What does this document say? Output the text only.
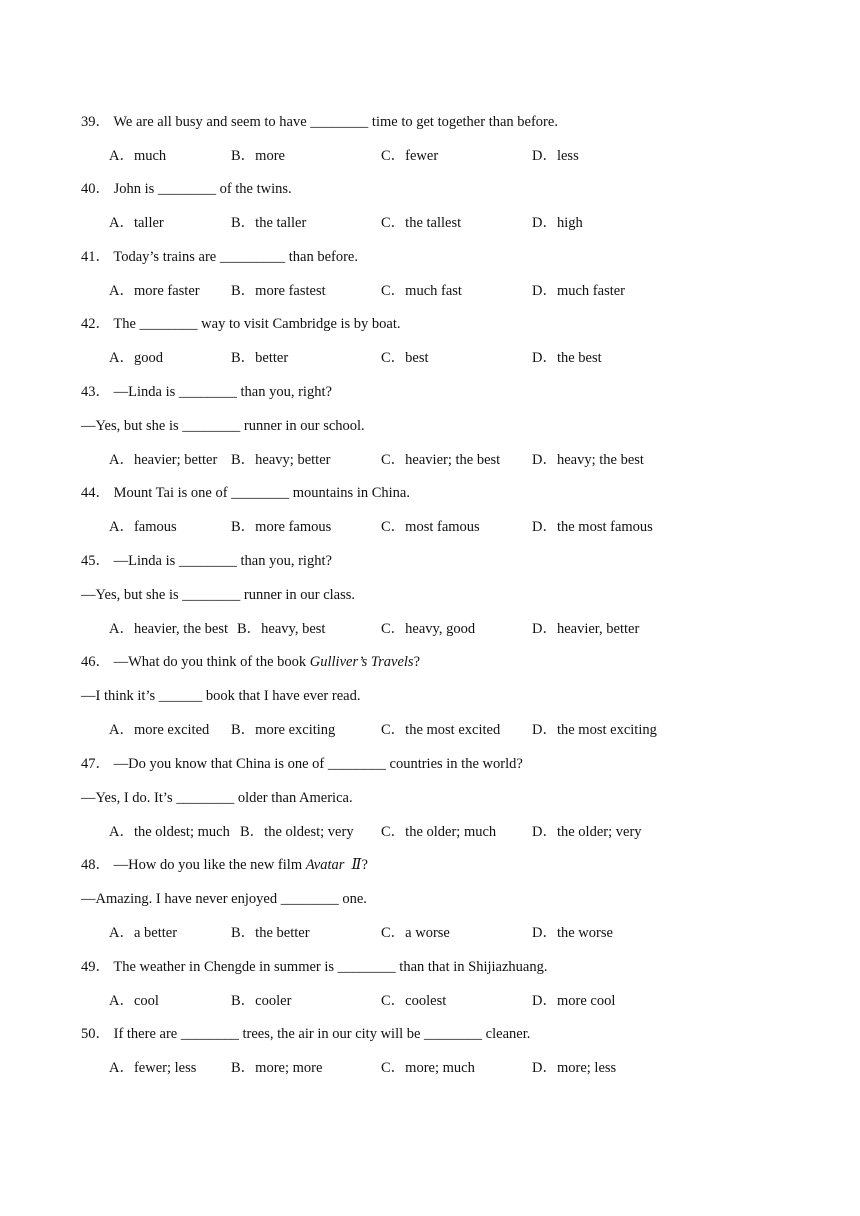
39． We are all busy and seem to have ________ time to get together than before.
A．much	B．more	C．fewer	D．less
40． John is ________ of the twins.
A．taller	B．the taller	C．the tallest	D．high
41． Today’s trains are _________ than before.
A．more faster B．more fastest	C．much fast	D．much faster
42． The ________ way to visit Cambridge is by boat.
A．good	B．better	C．best	D．the best
43． —Linda is ________ than you, right?
—Yes, but she is ________ runner in our school.
A．heavier; better B．heavy; better	C．heavier; the best D．heavy; the best
44． Mount Tai is one of ________ mountains in China.
A．famous	B．more famous	C．most famous	D．the most famous
45． —Linda is ________ than you, right?
—Yes, but she is ________ runner in our class.
A．heavier, the best B．heavy, best	C．heavy, good	D．heavier, better
46． —What do you think of the book Gulliver’s Travels?
—I think it’s ______ book that I have ever read.
A．more excited B．more exciting	C．the most excited D．the most exciting
47． —Do you know that China is one of ________ countries in the world?
—Yes, I do. It’s ________ older than America.
A．the oldest; much B．the oldest; very C．the older; much D．the older; very
48． —How do you like the new film Avatar  Ⅱ?
—Amazing. I have never enjoyed ________ one.
A．a better	B．the better	C．a worse	D．the worse
49． The weather in Chengde in summer is ________ than that in Shijiazhuang.
A．cool	B．cooler	C．coolest	D．more cool
50． If there are ________ trees, the air in our city will be ________ cleaner.
A．fewer; less B．more; more	C．more; much	D．more; less
